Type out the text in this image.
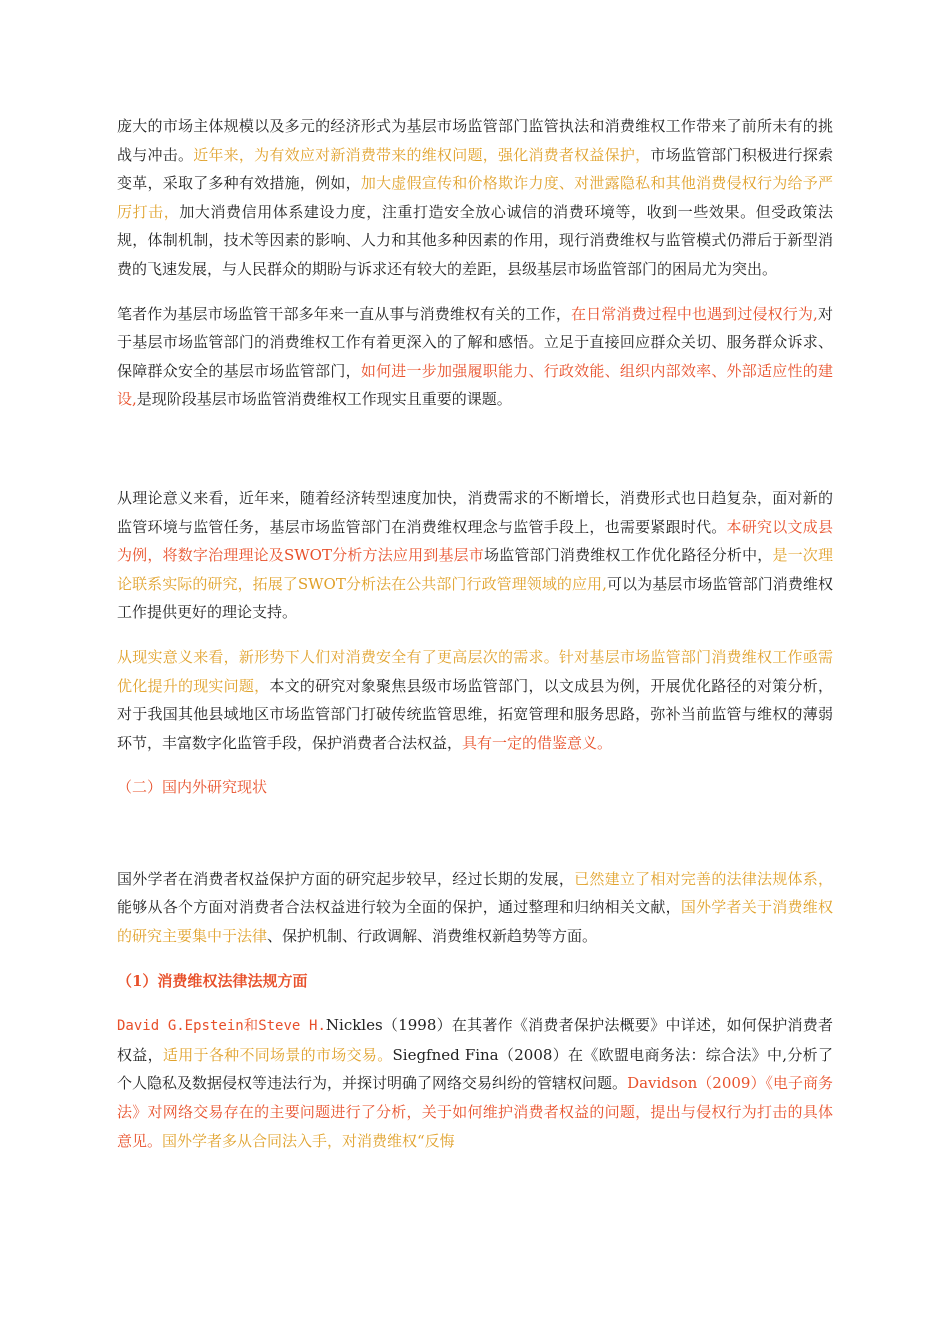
庞大的市场主体规模以及多元的经济形式为基层市场监管部门监管执法和消费维权工作带来了前所未有的挑战与冲击。近年来，为有效应对新消费带来的维权问题，强化消费者权益保护，市场监管部门积极进行探索变革，采取了多种有效措施，例如，加大虚假宣传和价格欺诈力度、对泄露隐私和其他消费侵权行为给予严厉打击，加大消费信用体系建设力度，注重打造安全放心诚信的消费环境等，收到一些效果。但受政策法规，体制机制，技术等因素的影响、人力和其他多种因素的作用，现行消费维权与监管模式仍滞后于新型消费的飞速发展，与人民群众的期盼与诉求还有较大的差距，县级基层市场监管部门的困局尤为突出。

笔者作为基层市场监管干部多年来一直从事与消费维权有关的工作，在日常消费过程中也遇到过侵权行为,对于基层市场监管部门的消费维权工作有着更深入的了解和感悟。立足于直接回应群众关切、服务群众诉求、保障群众安全的基层市场监管部门，如何进一步加强履职能力、行政效能、组织内部效率、外部适应性的建设,是现阶段基层市场监管消费维权工作现实且重要的课题。

从理论意义来看，近年来，随着经济转型速度加快，消费需求的不断增长，消费形式也日趋复杂，面对新的监管环境与监管任务，基层市场监管部门在消费维权理念与监管手段上，也需要紧跟时代。本研究以文成县为例，将数字治理理论及SWOT分析方法应用到基层市场监管部门消费维权工作优化路径分析中，是一次理论联系实际的研究，拓展了SWOT分析法在公共部门行政管理领域的应用,可以为基层市场监管部门消费维权工作提供更好的理论支持。

从现实意义来看，新形势下人们对消费安全有了更高层次的需求。针对基层市场监管部门消费维权工作亟需优化提升的现实问题，本文的研究对象聚焦县级市场监管部门，以文成县为例，开展优化路径的对策分析，对于我国其他县域地区市场监管部门打破传统监管思维，拓宽管理和服务思路，弥补当前监管与维权的薄弱环节，丰富数字化监管手段，保护消费者合法权益，具有一定的借鉴意义。

（二）国内外研究现状

国外学者在消费者权益保护方面的研究起步较早，经过长期的发展，已然建立了相对完善的法律法规体系，能够从各个方面对消费者合法权益进行较为全面的保护，通过整理和归纳相关文献，国外学者关于消费维权的研究主要集中于法律、保护机制、行政调解、消费维权新趋势等方面。

（1）消费维权法律法规方面

David G.Epstein和Steve H.Nickles（1998）在其著作《消费者保护法概要》中详述，如何保护消费者权益，适用于各种不同场景的市场交易。Siegfned Fina（2008）在《欧盟电商务法：综合法》中,分析了个人隐私及数据侵权等违法行为，并探讨明确了网络交易纠纷的管辖权问题。Davidson（2009）《电子商务法》对网络交易存在的主要问题进行了分析，关于如何维护消费者权益的问题，提出与侵权行为打击的具体意见。国外学者多从合同法入手，对消费维权“反悔
